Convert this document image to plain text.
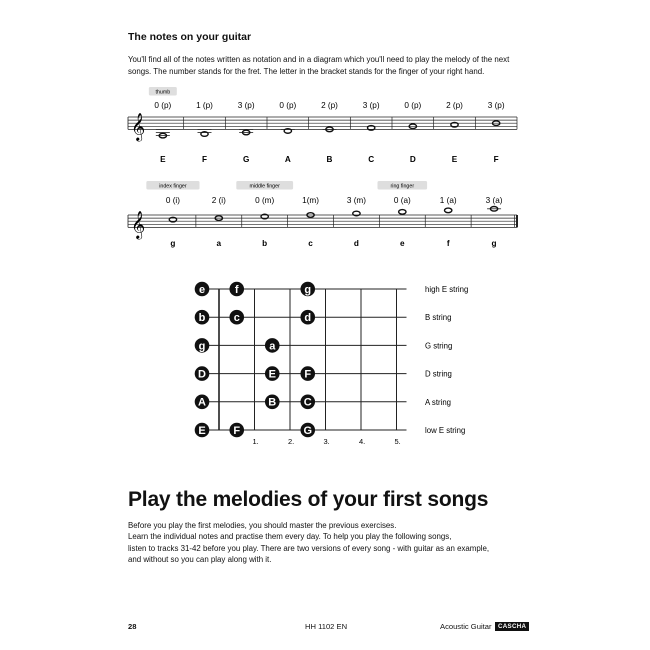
The notes on your guitar
You'll find all of the notes written as notation and in a diagram which you'll need to play the melody of the next
songs. The number stands for the fret. The letter in the bracket stands for the finger of your right hand.
𝄞
thumb
0 (p)
E
1 (p)
F
3 (p)
G
0 (p)
A
2 (p)
B
3 (p)
C
0 (p)
D
2 (p)
E
3 (p)
F
𝄞
index finger	middle finger	ring finger
0 (i)
g
2 (i)
a
0 (m)
b
1(m)
c
3 (m)
d
0 (a)
e
1 (a)
f
3 (a)
g
e	f	g	high E string
b	c	d	B string
g	a	G string
D	E	F	D string
A	B	C	A string
E	F	G	low E string
1.	2.	3.	4.	5.
Play the melodies of your first songs
Before you play the first melodies, you should master the previous exercises.
Learn the individual notes and practise them every day. To help you play the following songs,
listen to tracks 31-42 before you play. There are two versions of every song - with guitar as an example,
and without so you can play along with it.
28	HH 1102 EN	Acoustic Guitar	CASCHA
